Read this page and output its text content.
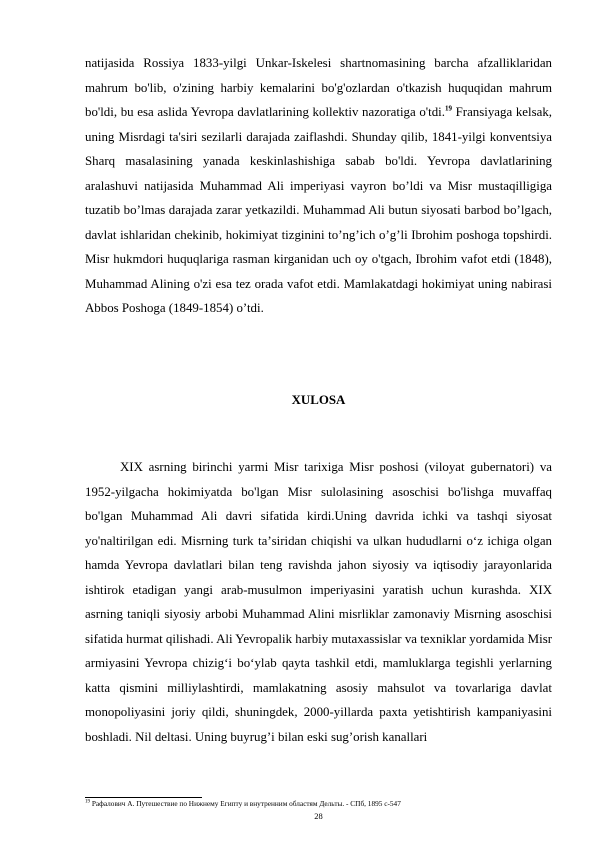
natijasida Rossiya 1833-yilgi Unkar-Iskelesi shartnomasining barcha afzalliklaridan mahrum bo'lib, o'zining harbiy kemalarini bo'g'ozlardan o'tkazish huquqidan mahrum bo'ldi, bu esa aslida Yevropa davlatlarining kollektiv nazoratiga o'tdi.$^{19}$ Fransiyaga kelsak, uning Misrdagi ta'siri sezilarli darajada zaiflashdi. Shunday qilib, 1841-yilgi konventsiya Sharq masalasining yanada keskinlashishiga sabab bo'ldi. Yevropa davlatlarining aralashuvi natijasida Muhammad Ali imperiyasi vayron bo’ldi va Misr mustaqilligiga tuzatib bo’lmas darajada zarar yetkazildi. Muhammad Ali butun siyosati barbod bo’lgach, davlat ishlaridan chekinib, hokimiyat tizginini to’ng’ich o’g’li Ibrohim poshoga topshirdi. Misr hukmdori huquqlariga rasman kirganidan uch oy o'tgach, Ibrohim vafot etdi (1848), Muhammad Alining o'zi esa tez orada vafot etdi. Mamlakatdagi hokimiyat uning nabirasi Abbos Poshoga (1849-1854) o’tdi.

XULOSA

XIX asrning birinchi yarmi Misr tarixiga Misr poshosi (viloyat gubernatori) va 1952-yilgacha hokimiyatda bo'lgan Misr sulolasining asoschisi bo'lishga muvaffaq bo'lgan Muhammad Ali davri sifatida kirdi.Uning davrida ichki va tashqi siyosat yo'naltirilgan edi. Misrning turk taʼsiridan chiqishi va ulkan hududlarni oʻz ichiga olgan hamda Yevropa davlatlari bilan teng ravishda jahon siyosiy va iqtisodiy jarayonlarida ishtirok etadigan yangi arab-musulmon imperiyasini yaratish uchun kurashda. XIX asrning taniqli siyosiy arbobi Muhammad Alini misrliklar zamonaviy Misrning asoschisi sifatida hurmat qilishadi. Ali Yevropalik harbiy mutaxassislar va texniklar yordamida Misr armiyasini Yevropa chizigʻi boʻylab qayta tashkil etdi, mamluklarga tegishli yerlarning katta qismini milliylashtirdi, mamlakatning asosiy mahsulot va tovarlariga davlat monopoliyasini joriy qildi, shuningdek, 2000-yillarda paxta yetishtirish kampaniyasini boshladi. Nil deltasi. Uning buyrug’i bilan eski sug’orish kanallari

$^{19}$ Рафалович А. Путешествие по Нижнему Египту и внутренним областям Дельты. - СПб, 1895 с-547
28
